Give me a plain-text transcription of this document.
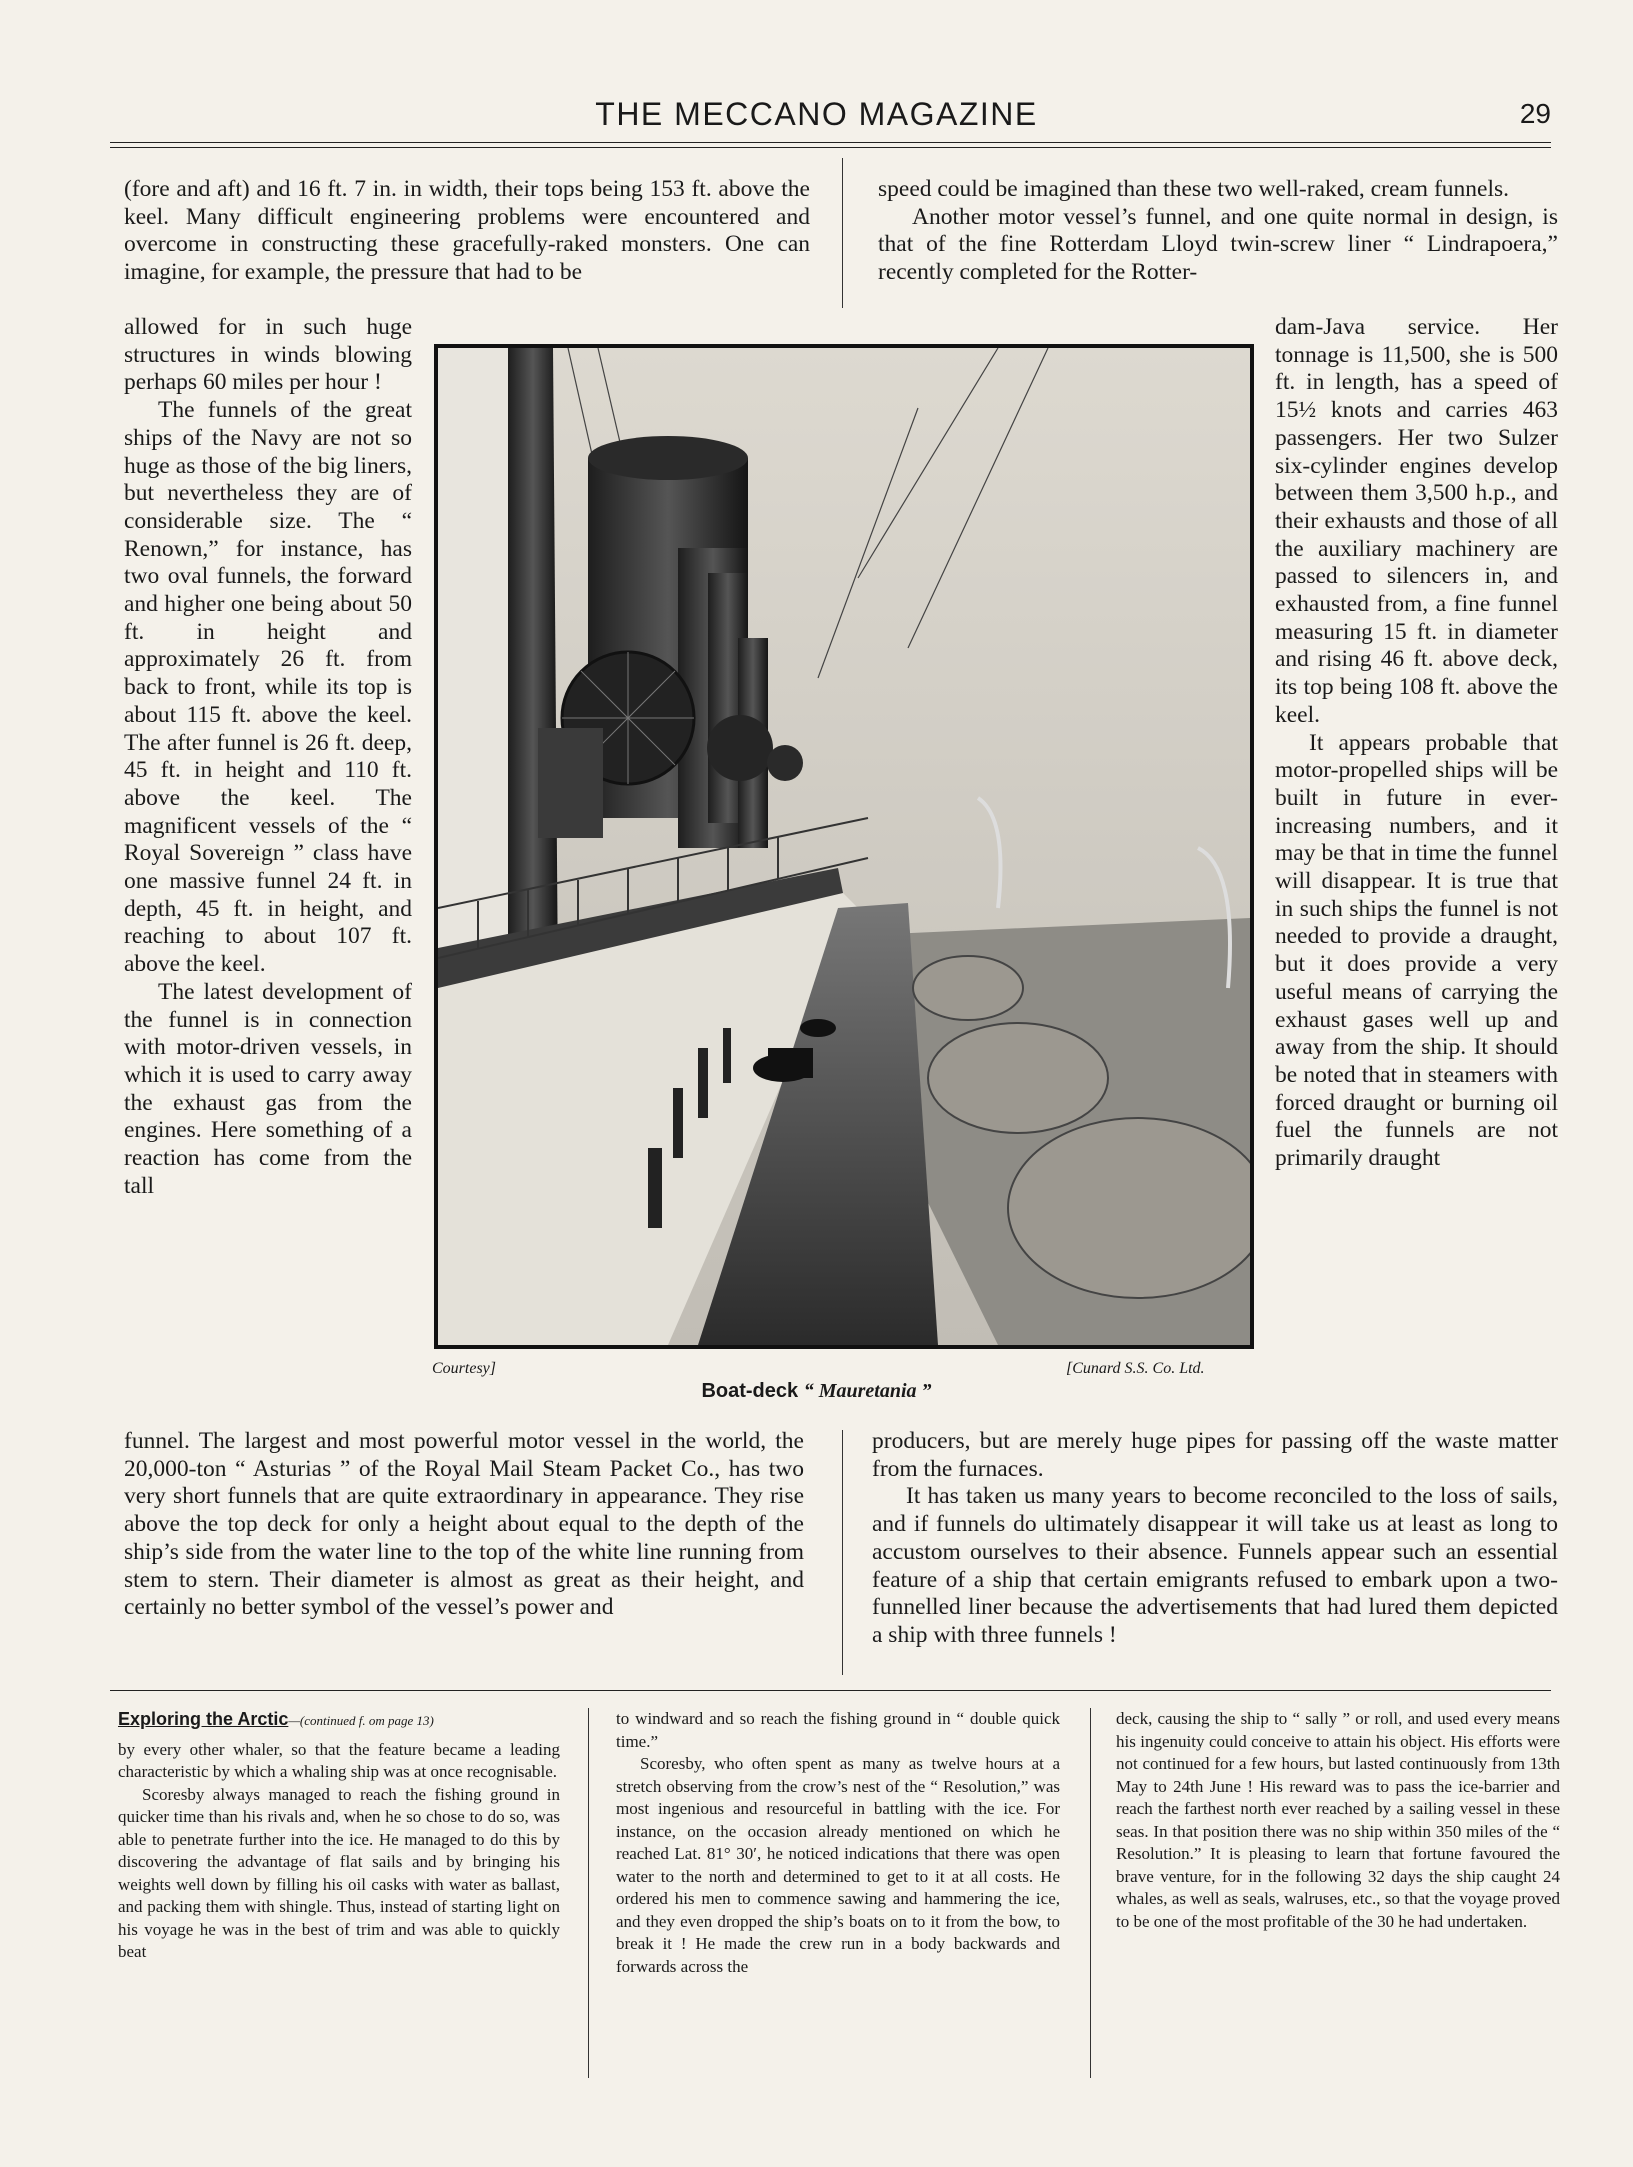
THE MECCANO MAGAZINE	29

(fore and aft) and 16 ft. 7 in. in width, their tops being 153 ft. above the keel. Many difficult engineering problems were encountered and overcome in constructing these gracefully-raked monsters. One can imagine, for example, the pressure that had to be

speed could be imagined than these two well-raked, cream funnels.

Another motor vessel’s funnel, and one quite normal in design, is that of the fine Rotterdam Lloyd twin-screw liner “ Lindrapoera,” recently completed for the Rotter-

allowed for in such huge structures in winds blowing perhaps 60 miles per hour !

The funnels of the great ships of the Navy are not so huge as those of the big liners, but nevertheless they are of considerable size. The “ Renown,” for instance, has two oval funnels, the forward and higher one being about 50 ft. in height and approximately 26 ft. from back to front, while its top is about 115 ft. above the keel. The after funnel is 26 ft. deep, 45 ft. in height and 110 ft. above the keel. The magnificent vessels of the “ Royal Sovereign ” class have one massive funnel 24 ft. in depth, 45 ft. in height, and reaching to about 107 ft. above the keel.

The latest development of the funnel is in connection with motor-driven vessels, in which it is used to carry away the exhaust gas from the engines. Here something of a reaction has come from the tall

dam-Java service. Her tonnage is 11,500, she is 500 ft. in length, has a speed of 15½ knots and carries 463 passengers. Her two Sulzer six-cylinder engines develop between them 3,500 h.p., and their exhausts and those of all the auxiliary machinery are passed to silencers in, and exhausted from, a fine funnel measuring 15 ft. in diameter and rising 46 ft. above deck, its top being 108 ft. above the keel.

It appears probable that motor-propelled ships will be built in future in ever-increasing numbers, and it may be that in time the funnel will disappear. It is true that in such ships the funnel is not needed to provide a draught, but it does provide a very useful means of carrying the exhaust gases well up and away from the ship. It should be noted that in steamers with forced draught or burning oil fuel the funnels are not primarily draught

Courtesy]	[Cunard S.S. Co. Ltd.
Boat-deck “ Mauretania ”

funnel. The largest and most powerful motor vessel in the world, the 20,000-ton “ Asturias ” of the Royal Mail Steam Packet Co., has two very short funnels that are quite extraordinary in appearance. They rise above the top deck for only a height about equal to the depth of the ship’s side from the water line to the top of the white line running from stem to stern. Their diameter is almost as great as their height, and certainly no better symbol of the vessel’s power and

producers, but are merely huge pipes for passing off the waste matter from the furnaces.

It has taken us many years to become reconciled to the loss of sails, and if funnels do ultimately disappear it will take us at least as long to accustom ourselves to their absence. Funnels appear such an essential feature of a ship that certain emigrants refused to embark upon a two-funnelled liner because the advertisements that had lured them depicted a ship with three funnels !

Exploring the Arctic—(continued f. om page 13)

by every other whaler, so that the feature became a leading characteristic by which a whaling ship was at once recognisable.

Scoresby always managed to reach the fishing ground in quicker time than his rivals and, when he so chose to do so, was able to penetrate further into the ice. He managed to do this by discovering the advantage of flat sails and by bringing his weights well down by filling his oil casks with water as ballast, and packing them with shingle. Thus, instead of starting light on his voyage he was in the best of trim and was able to quickly beat

to windward and so reach the fishing ground in “ double quick time.”

Scoresby, who often spent as many as twelve hours at a stretch observing from the crow’s nest of the “ Resolution,” was most ingenious and resourceful in battling with the ice. For instance, on the occasion already mentioned on which he reached Lat. 81° 30′, he noticed indications that there was open water to the north and determined to get to it at all costs. He ordered his men to commence sawing and hammering the ice, and they even dropped the ship’s boats on to it from the bow, to break it ! He made the crew run in a body backwards and forwards across the

deck, causing the ship to “ sally ” or roll, and used every means his ingenuity could conceive to attain his object. His efforts were not continued for a few hours, but lasted continuously from 13th May to 24th June ! His reward was to pass the ice-barrier and reach the farthest north ever reached by a sailing vessel in these seas. In that position there was no ship within 350 miles of the “ Resolution.” It is pleasing to learn that fortune favoured the brave venture, for in the following 32 days the ship caught 24 whales, as well as seals, walruses, etc., so that the voyage proved to be one of the most profitable of the 30 he had undertaken.
